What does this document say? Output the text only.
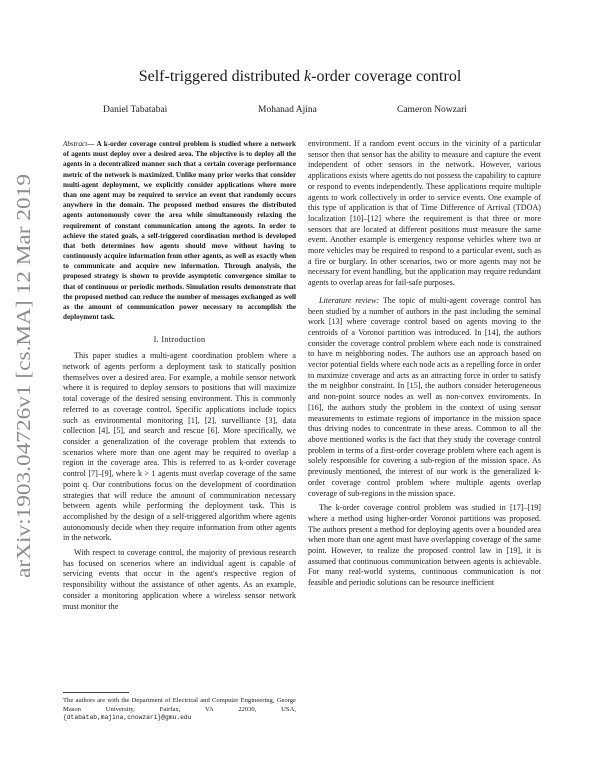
arXiv:1903.04726v1 [cs.MA] 12 Mar 2019
Self-triggered distributed k-order coverage control
Daniel Tabatabai	Mohanad Ajina	Cameron Nowzari

Abstract— A k-order coverage control problem is studied where a network of agents must deploy over a desired area. The objective is to deploy all the agents in a decentralized manner such that a certain coverage performance metric of the network is maximized. Unlike many prior works that consider multi-agent deployment, we explicitly consider applications where more than one agent may be required to service an event that randomly occurs anywhere in the domain. The proposed method ensures the distributed agents autonomously cover the area while simultaneously relaxing the requirement of constant communication among the agents. In order to achieve the stated goals, a self-triggered coordination method is developed that both determines how agents should move without having to continuously acquire information from other agents, as well as exactly when to communicate and acquire new information. Through analysis, the proposed strategy is shown to provide asymptotic convergence similar to that of continuous or periodic methods. Simulation results demonstrate that the proposed method can reduce the number of messages exchanged as well as the amount of communication power necessary to accomplish the deployment task.

I. Introduction

This paper studies a multi-agent coordination problem where a network of agents perform a deployment task to statically position themselves over a desired area. For example, a mobile sensor network where it is required to deploy sensors to positions that will maximize total coverage of the desired sensing environment. This is commonly referred to as coverage control. Specific applications include topics such as environmental monitoring [1], [2], survelliance [3], data collection [4], [5], and search and rescue [6]. More specifically, we consider a generalization of the coverage problem that extends to scenarios where more than one agent may be required to overlap a region in the coverage area. This is referred to as k-order coverage control [7]–[9], where k > 1 agents must overlap coverage of the same point q. Our contributions focus on the development of coordination strategies that will reduce the amount of communication necessary between agents while performing the deployment task. This is accomplished by the design of a self-triggered algorithm where agents autonomously decide when they require information from other agents in the network.

With respect to coverage control, the majority of previous research has focused on scenerios where an individual agent is capable of servicing events that occur in the agent's respective region of responsibility without the assistance of other agents. As an example, consider a monitoring application where a wireless sensor network must monitor the

The authors are with the Department of Electrical and Computer Engineering, George Mason University, Fairfax, VA 22030, USA, {dtabatab,majina,cnowzari}@gmu.edu

environment. If a random event occurs in the vicinity of a particular sensor then that sensor has the ability to measure and capture the event independent of other sensors in the network. However, various applications exists where agents do not possess the capability to capture or respond to events independently. These applications require multiple agents to work collectively in order to service events. One example of this type of application is that of Time Difference of Arrival (TDOA) localization [10]–[12] where the requirement is that three or more sensors that are located at different positions must measure the same event. Another example is emergency response vehicles where two or more vehicles may be required to respond to a particular event, such as a fire or burglary. In other scenarios, two or more agents may not be necessary for event handling, but the application may require redundant agents to overlap areas for fail-safe purposes.

Literature review: The topic of multi-agent coverage control has been studied by a number of authors in the past including the seminal work [13] where coverage control based on agents moving to the centroids of a Voronoi partition was introduced. In [14], the authors consider the coverage control problem where each node is constrained to have m neighboring nodes. The authors use an approach based on vector potential fields where each node acts as a repelling force in order to maximize coverage and acts as an attracting force in order to satisfy the m neighbor constraint. In [15], the authors consider heterogeneous and non-point source nodes as well as non-convex enviroments. In [16], the authors study the problem in the context of using sensor measurements to estimate regions of importance in the mission space thus driving nodes to concentrate in these areas. Common to all the above mentioned works is the fact that they study the coverage control problem in terms of a first-order coverage problem where each agent is solely responsible for covering a sub-region of the mission space. As previously mentioned, the interest of our work is the generalized k-order coverage control problem where multiple agents overlap coverage of sub-regions in the mission space.

The k-order coverage control problem was studied in [17]–[19] where a method using higher-order Voronoi partitions was proposed. The authors present a method for deploying agents over a bounded area when more than one agent must have overlapping coverage of the same point. However, to realize the proposed control law in [19], it is assumed that continuous communication between agents is achievable. For many real-world systems, continuous communication is not feasible and periodic solutions can be resource inefficient
